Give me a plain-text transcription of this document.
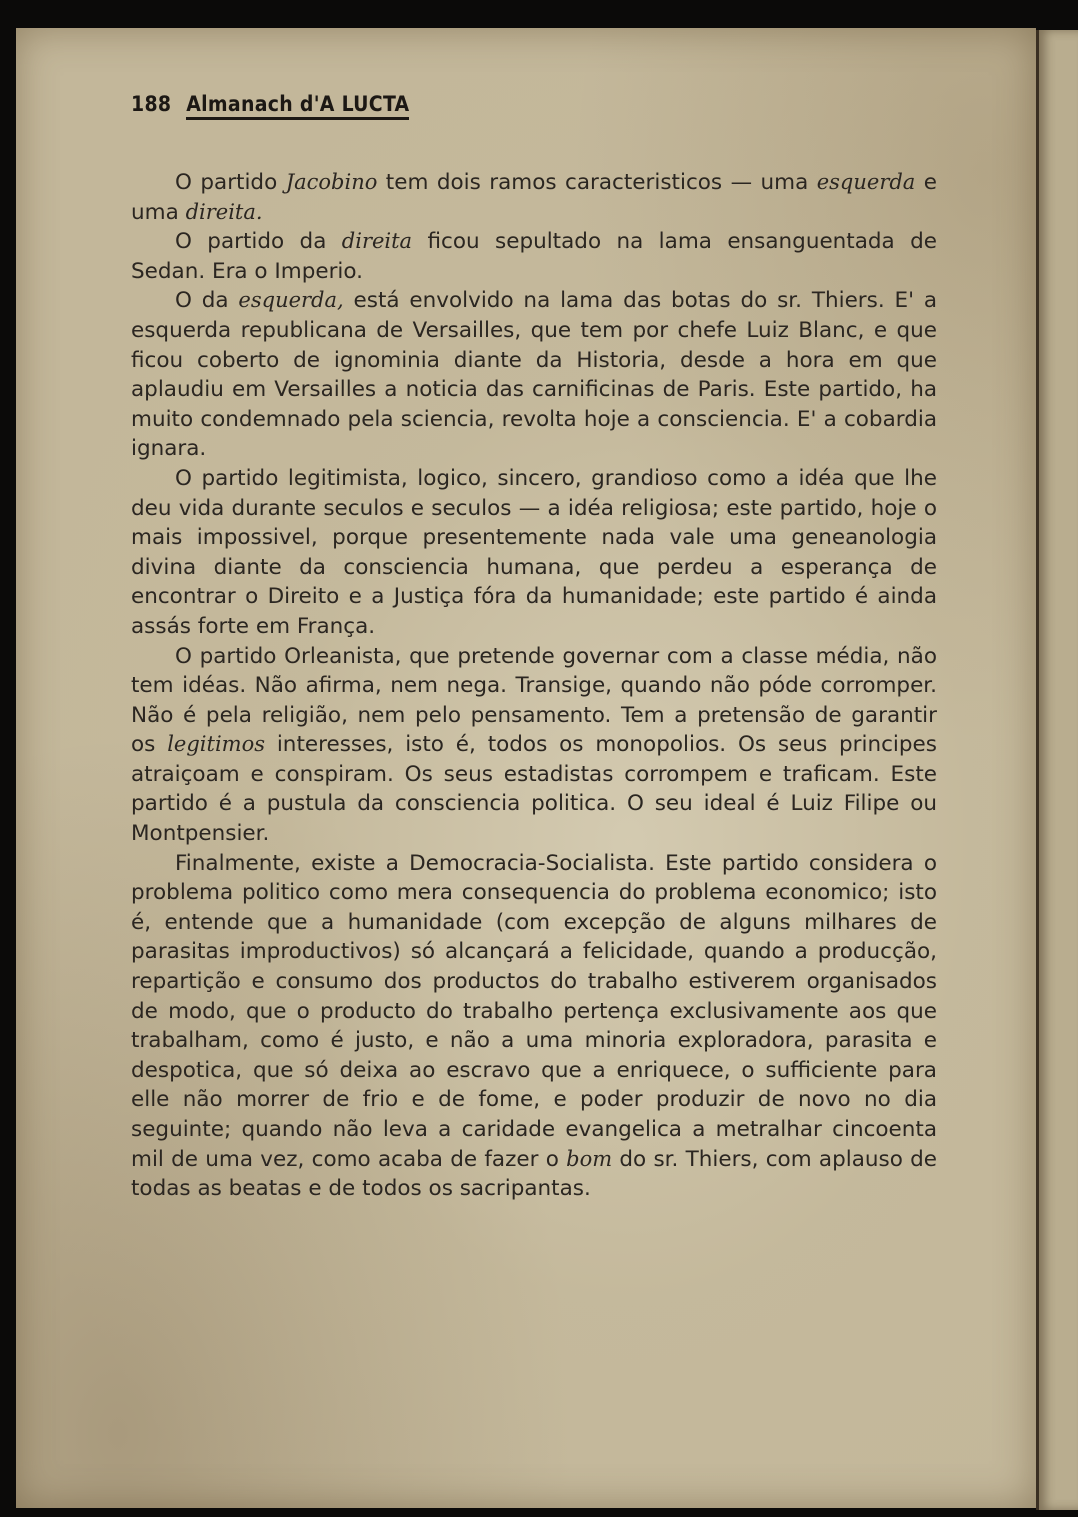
188 Almanach d'A LUCTA

O partido Jacobino tem dois ramos caracteristicos — uma esquerda e uma direita.

O partido da direita ficou sepultado na lama ensanguentada de Sedan. Era o Imperio.

O da esquerda, está envolvido na lama das botas do sr. Thiers. E' a esquerda republicana de Versailles, que tem por chefe Luiz Blanc, e que ficou coberto de ignominia diante da Historia, desde a hora em que aplaudiu em Versailles a noticia das carnificinas de Paris. Este partido, ha muito condemnado pela sciencia, revolta hoje a consciencia. E' a cobardia ignara.

O partido legitimista, logico, sincero, grandioso como a idéa que lhe deu vida durante seculos e seculos — a idéa religiosa; este partido, hoje o mais impossivel, porque presentemente nada vale uma geneanologia divina diante da consciencia humana, que perdeu a esperança de encontrar o Direito e a Justiça fóra da humanidade; este partido é ainda assás forte em França.

O partido Orleanista, que pretende governar com a classe média, não tem idéas. Não afirma, nem nega. Transige, quando não póde corromper. Não é pela religião, nem pelo pensamento. Tem a pretensão de garantir os legitimos interesses, isto é, todos os monopolios. Os seus principes atraiçoam e conspiram. Os seus estadistas corrompem e traficam. Este partido é a pustula da consciencia politica. O seu ideal é Luiz Filipe ou Montpensier.

Finalmente, existe a Democracia-Socialista. Este partido considera o problema politico como mera consequencia do problema economico; isto é, entende que a humanidade (com excepção de alguns milhares de parasitas improductivos) só alcançará a felicidade, quando a producção, repartição e consumo dos productos do trabalho estiverem organisados de modo, que o producto do trabalho pertença exclusivamente aos que trabalham, como é justo, e não a uma minoria exploradora, parasita e despotica, que só deixa ao escravo que a enriquece, o sufficiente para elle não morrer de frio e de fome, e poder produzir de novo no dia seguinte; quando não leva a caridade evangelica a metralhar cincoenta mil de uma vez, como acaba de fazer o bom do sr. Thiers, com aplauso de todas as beatas e de todos os sacripantas.
